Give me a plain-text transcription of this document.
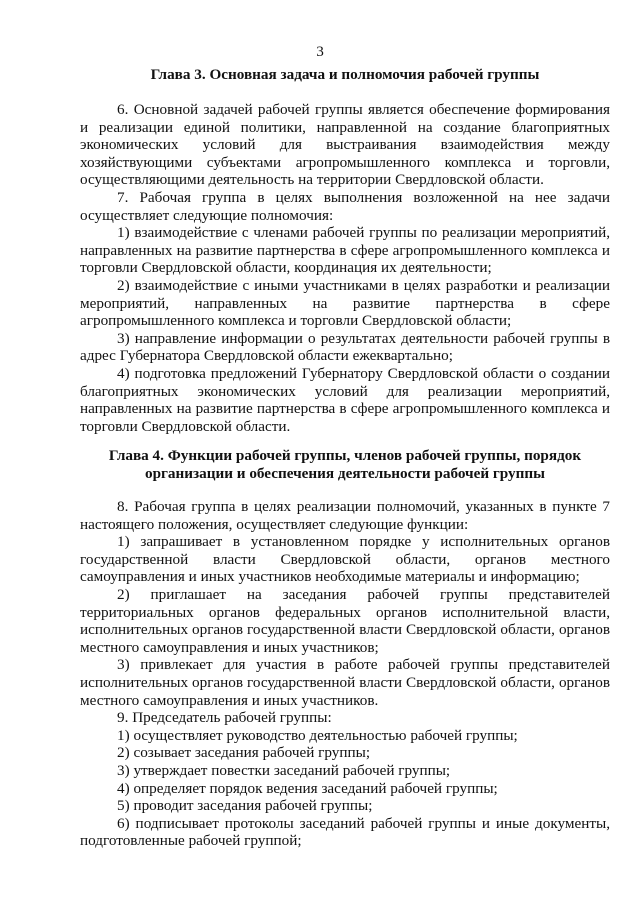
3
Глава 3. Основная задача и полномочия рабочей группы

6. Основной задачей рабочей группы является обеспечение формирования и реализации единой политики, направленной на создание благоприятных экономических условий для выстраивания взаимодействия между хозяйствующими субъектами агропромышленного комплекса и торговли, осуществляющими деятельность на территории Свердловской области.

7. Рабочая группа в целях выполнения возложенной на нее задачи осуществляет следующие полномочия:

1) взаимодействие с членами рабочей группы по реализации мероприятий, направленных на развитие партнерства в сфере агропромышленного комплекса и торговли Свердловской области, координация их деятельности;

2) взаимодействие с иными участниками в целях разработки и реализации мероприятий, направленных на развитие партнерства в сфере агропромышленного комплекса и торговли Свердловской области;

3) направление информации о результатах деятельности рабочей группы в адрес Губернатора Свердловской области ежеквартально;

4) подготовка предложений Губернатору Свердловской области о создании благоприятных экономических условий для реализации мероприятий, направленных на развитие партнерства в сфере агропромышленного комплекса и торговли Свердловской области.

Глава 4. Функции рабочей группы, членов рабочей группы, порядок организации и обеспечения деятельности рабочей группы

8. Рабочая группа в целях реализации полномочий, указанных в пункте 7 настоящего положения, осуществляет следующие функции:

1) запрашивает в установленном порядке у исполнительных органов государственной власти Свердловской области, органов местного самоуправления и иных участников необходимые материалы и информацию;

2) приглашает на заседания рабочей группы представителей территориальных органов федеральных органов исполнительной власти, исполнительных органов государственной власти Свердловской области, органов местного самоуправления и иных участников;

3) привлекает для участия в работе рабочей группы представителей исполнительных органов государственной власти Свердловской области, органов местного самоуправления и иных участников.

9. Председатель рабочей группы:

1) осуществляет руководство деятельностью рабочей группы;

2) созывает заседания рабочей группы;

3) утверждает повестки заседаний рабочей группы;

4) определяет порядок ведения заседаний рабочей группы;

5) проводит заседания рабочей группы;

6) подписывает протоколы заседаний рабочей группы и иные документы, подготовленные рабочей группой;
